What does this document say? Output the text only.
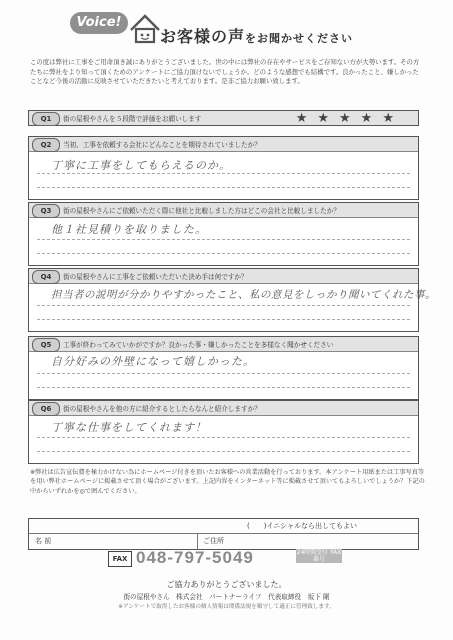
Voice!
お客様の声をお聞かせください
この度は弊社に工事をご用命頂き誠にありがとうございました。世の中には弊社の存在やサービスをご存知ない方が大勢います。その方たちに弊社をより知って頂くためのアンケートにご協力頂けないでしょうか。どのような感想でも結構です。良かったこと、嫌しかったことなど今後の活動に反映させていただきたいと考えております。是非ご協力お願い致します。
Q1	街の屋根やさんを５段階で評価をお願いします	★★★★★
Q2	当初、工事を依頼する会社にどんなことを期待されていましたか？
丁寧に工事をしてもらえるのか。
Q3	街の屋根やさんにご依頼いただく際に他社と比較しました方はどこの会社と比較しましたか？
他１社見積りを取りました。
Q4	街の屋根やさんに工事をご依頼いただいた決め手は何ですか？
担当者の説明が分かりやすかったこと、私の意見をしっかり聞いてくれた事。
Q5	工事が終わってみていかがですか？良かった事・嫌しかったことを多様なく聞かせください
自分好みの外壁になって嬉しかった。
Q6	街の屋根やさんを他の方に紹介するとしたらなんと紹介しますか？
丁寧な仕事をしてくれます！
※弊社は広告宣伝費を極力かけない為にホームページ付きを頂いたお客様への営業活動を行っております。本アンケート用紙または工事写真等を用い弊社ホームページに掲載させて頂く場合がございます。上記内容をインターネット等に掲載させて頂いてもよろしいでしょうか？下記の中からいずれかを◎で囲んでください。
(　　)イニシャルなら出してもよい
名 前	ご住所
FAX 048-797-5049	24時間受付 FAX番号
ご協力ありがとうございました。
街の屋根やさん　株式会社　パートナーライフ　代表取締役　坂下 剛
※アンケートで取得したお客様の個人情報は関係法規を順守して適正に管理致します。
